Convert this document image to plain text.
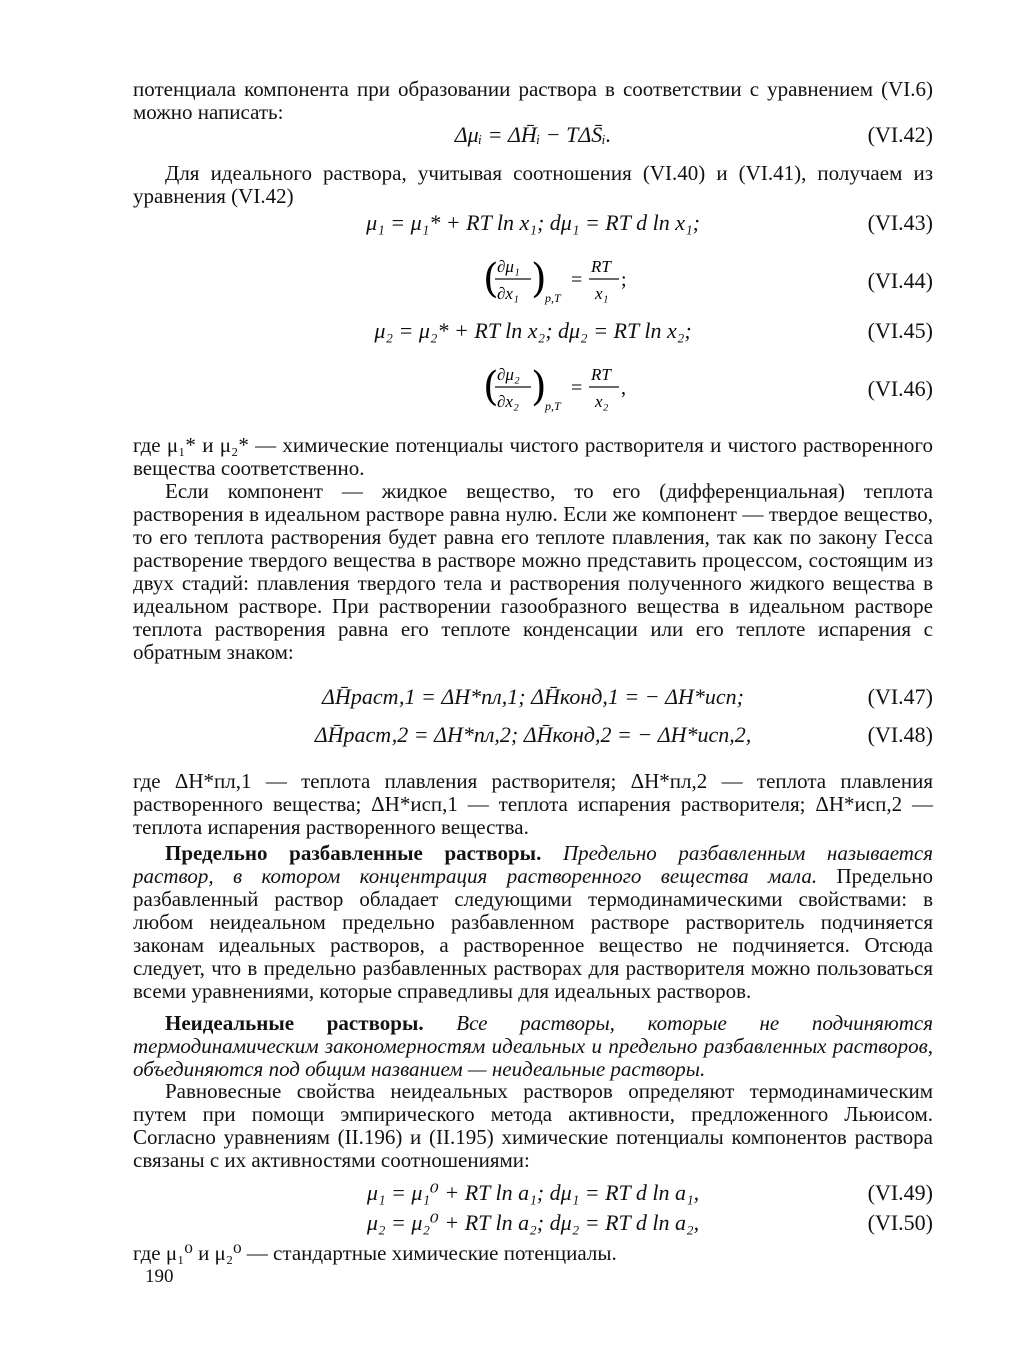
потенциала компонента при образовании раствора в соответствии с уравнением (VI.6) можно написать:

Δμᵢ = ΔH̄ᵢ − TΔS̄ᵢ.	(VI.42)

Для идеального раствора, учитывая соотношения (VI.40) и (VI.41), получаем из уравнения (VI.42)

μ₁ = μ₁* + RT ln x₁; dμ₁ = RT d ln x₁;	(VI.43)
(
∂μ₁
∂x₁ )
p,T
=
RT
x₁
;	(VI.44)
μ₂ = μ₂* + RT ln x₂; dμ₂ = RT ln x₂;	(VI.45)
(
∂μ₂
∂x₂ )
p,T
=
RT
x₂
,	(VI.46)

где μ₁* и μ₂* — химические потенциалы чистого растворителя и чистого растворенного вещества соответственно.

Если компонент — жидкое вещество, то его (дифференциальная) теплота растворения в идеальном растворе равна нулю. Если же компонент — твердое вещество, то его теплота растворения будет равна его теплоте плавления, так как по закону Гесса растворение твердого вещества в растворе можно представить процессом, состоящим из двух стадий: плавления твердого тела и растворения полученного жидкого вещества в идеальном растворе. При растворении газообразного вещества в идеальном растворе теплота растворения равна его теплоте конденсации или его теплоте испарения с обратным знаком:

ΔH̄раст,1 = ΔH*пл,1; ΔH̄конд,1 = − ΔH*исп;	(VI.47)
ΔH̄раст,2 = ΔH*пл,2; ΔH̄конд,2 = − ΔH*исп,2,	(VI.48)

где ΔH*пл,1 — теплота плавления растворителя; ΔH*пл,2 — теплота плавления растворенного вещества; ΔH*исп,1 — теплота испарения растворителя; ΔH*исп,2 — теплота испарения растворенного вещества.

Предельно разбавленные растворы. Предельно разбавленным называется раствор, в котором концентрация растворенного вещества мала. Предельно разбавленный раствор обладает следующими термодинамическими свойствами: в любом неидеальном предельно разбавленном растворе растворитель подчиняется законам идеальных растворов, а растворенное вещество не подчиняется. Отсюда следует, что в предельно разбавленных растворах для растворителя можно пользоваться всеми уравнениями, которые справедливы для идеальных растворов.

Неидеальные растворы. Все растворы, которые не подчиняются термодинамическим закономерностям идеальных и предельно разбавленных растворов, объединяются под общим названием — неидеальные растворы.

Равновесные свойства неидеальных растворов определяют термодинамическим путем при помощи эмпирического метода активности, предложенного Льюисом. Согласно уравнениям (II.196) и (II.195) химические потенциалы компонентов раствора связаны с их активностями соотношениями:

μ₁ = μ₁⁰ + RT ln a₁; dμ₁ = RT d ln a₁,	(VI.49)
μ₂ = μ₂⁰ + RT ln a₂; dμ₂ = RT d ln a₂,	(VI.50)

где μ₁⁰ и μ₂⁰ — стандартные химические потенциалы.

190
